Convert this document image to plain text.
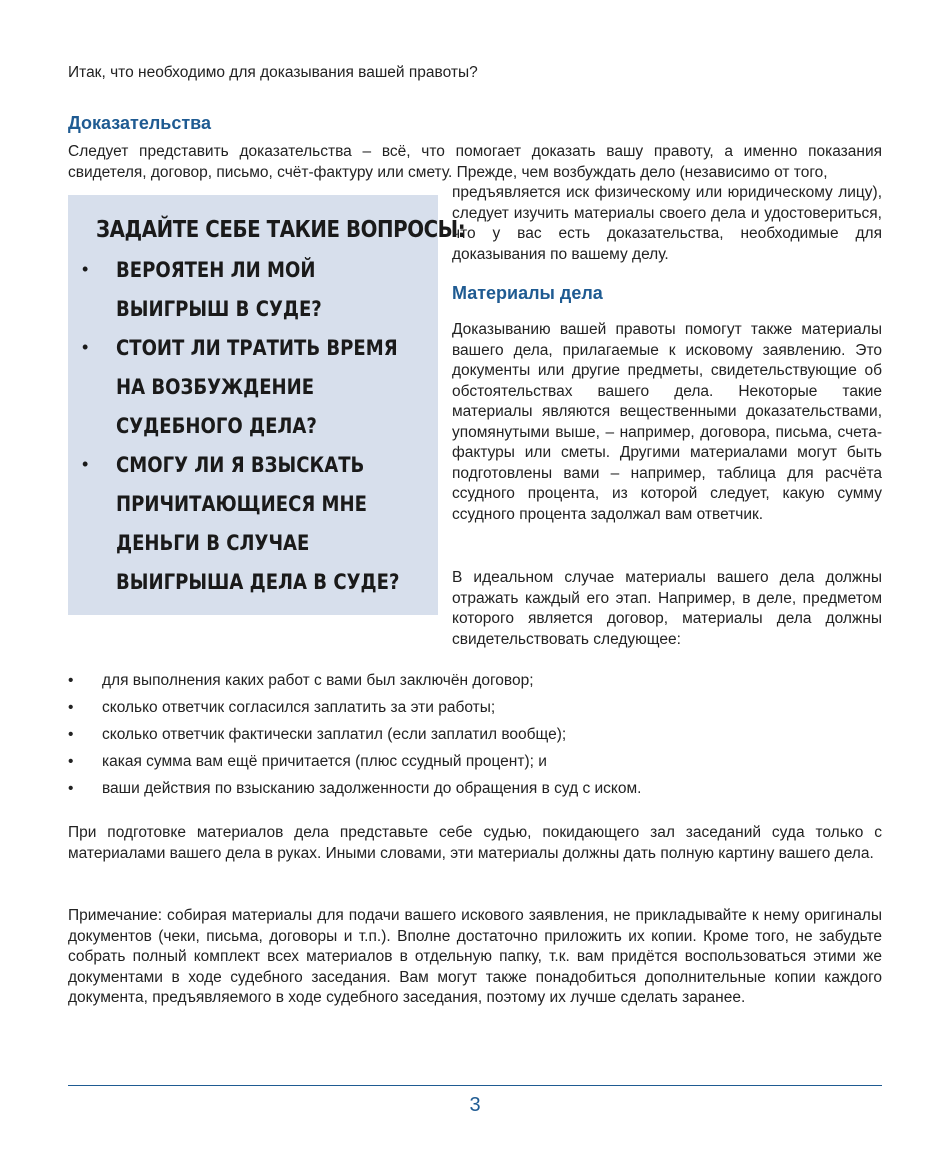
Итак, что необходимо для доказывания вашей правоты?
Доказательства
Следует представить доказательства – всё, что помогает доказать вашу правоту, а именно показания свидетеля, договор, письмо, счёт-фактуру или смету. Прежде, чем возбуждать дело (независимо от того,
ЗАДАЙТЕ СЕБЕ ТАКИЕ ВОПРОСЫ:
• ВЕРОЯТЕН ЛИ МОЙ ВЫИГРЫШ В СУДЕ?
• СТОИТ ЛИ ТРАТИТЬ ВРЕМЯ НА ВОЗБУЖДЕНИЕ СУДЕБНОГО ДЕЛА?
• СМОГУ ЛИ Я ВЗЫСКАТЬ ПРИЧИТАЮЩИЕСЯ МНЕ ДЕНЬГИ В СЛУЧАЕ ВЫИГРЫША ДЕЛА В СУДЕ?
предъявляется иск физическому или юридическому лицу), следует изучить материалы своего дела и удостовериться, что у вас есть доказательства, необходимые для доказывания по вашему делу.
Материалы дела
Доказыванию вашей правоты помогут также материалы вашего дела, прилагаемые к исковому заявлению. Это документы или другие предметы, свидетельствующие об обстоятельствах вашего дела. Некоторые такие материалы являются вещественными доказательствами, упомянутыми выше, – например, договора, письма, счета-фактуры или сметы. Другими материалами могут быть подготовлены вами – например, таблица для расчёта ссудного процента, из которой следует, какую сумму ссудного процента задолжал вам ответчик.
В идеальном случае материалы вашего дела должны отражать каждый его этап. Например, в деле, предметом которого является договор, материалы дела должны свидетельствовать следующее:
• для выполнения каких работ с вами был заключён договор;
• сколько ответчик согласился заплатить за эти работы;
• сколько ответчик фактически заплатил (если заплатил вообще);
• какая сумма вам ещё причитается (плюс ссудный процент); и
• ваши действия по взысканию задолженности до обращения в суд с иском.
При подготовке материалов дела представьте себе судью, покидающего зал заседаний суда только с материалами вашего дела в руках. Иными словами, эти материалы должны дать полную картину вашего дела.
Примечание: собирая материалы для подачи вашего искового заявления, не прикладывайте к нему оригиналы документов (чеки, письма, договоры и т.п.). Вполне достаточно приложить их копии. Кроме того, не забудьте собрать полный комплект всех материалов в отдельную папку, т.к. вам придётся воспользоваться этими же документами в ходе судебного заседания. Вам могут также понадобиться дополнительные копии каждого документа, предъявляемого в ходе судебного заседания, поэтому их лучше сделать заранее.
3
